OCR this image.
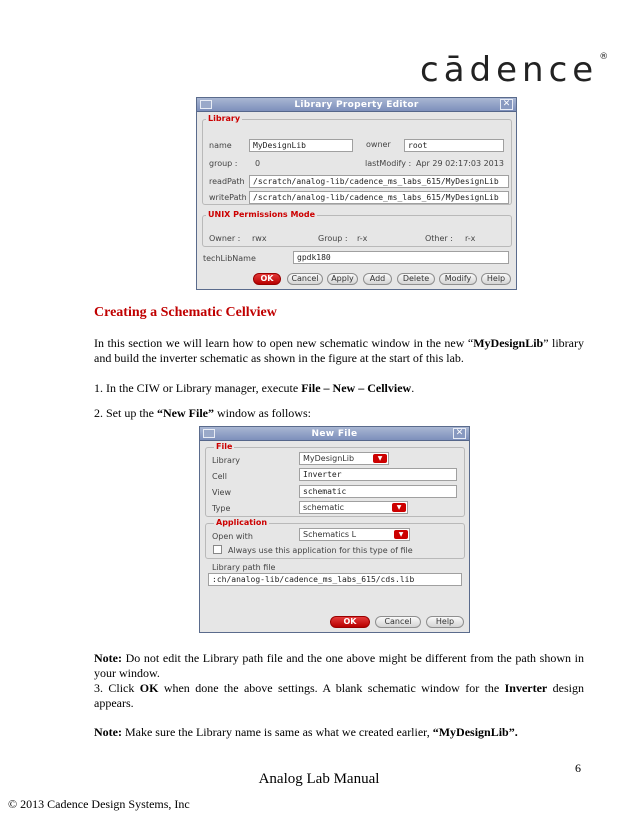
cādence ®
Library Property Editor	✕
Library
name	MyDesignLib	owner	root
group : 0	lastModify : Apr 29 02:17:03 2013
readPath	/scratch/analog-lib/cadence_ms_labs_615/MyDesignLib
writePath /scratch/analog-lib/cadence_ms_labs_615/MyDesignLib
UNIX Permissions Mode
Owner : rwx	Group : r-x	Other : r-x
techLibName	gpdk180
OK	Cancel	Apply	Add	Delete	Modify	Help
Creating a Schematic Cellview

In this section we will learn how to open new schematic window in the new “MyDesignLib” library and build the inverter schematic as shown in the figure at the start of this lab.

1. In the CIW or Library manager, execute File – New – Cellview.

2. Set up the “New File” window as follows:

New File	✕
File
Library	MyDesignLib	▼
Cell	Inverter
View	schematic
Type	schematic	▼
Application
Open with	Schematics L	▼
Always use this application for this type of file
Library path file
:ch/analog-lib/cadence_ms_labs_615/cds.lib
OK	Cancel	Help

Note: Do not edit the Library path file and the one above might be different from the path shown in your window.

3. Click OK when done the above settings. A blank schematic window for the Inverter design appears.

Note: Make sure the Library name is same as what we created earlier, “MyDesignLib”.

6
Analog Lab Manual
© 2013 Cadence Design Systems, Inc
